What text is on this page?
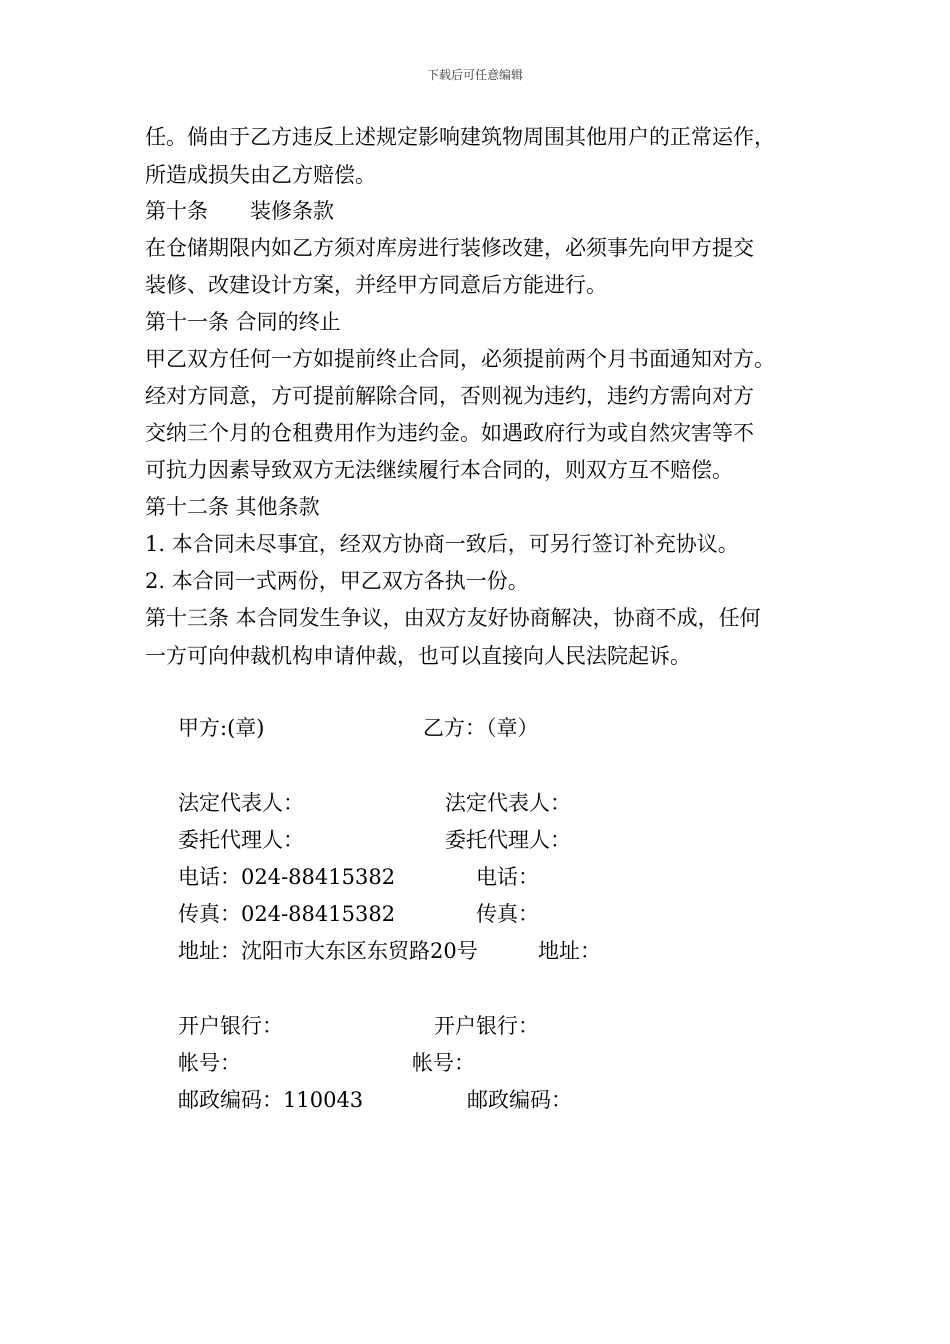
下载后可任意编辑
任。倘由于乙方违反上述规定影响建筑物周围其他用户的正常运作，
所造成损失由乙方赔偿。
第十条　　装修条款
在仓储期限内如乙方须对库房进行装修改建，必须事先向甲方提交
装修、改建设计方案，并经甲方同意后方能进行。
第十一条 合同的终止
甲乙双方任何一方如提前终止合同，必须提前两个月书面通知对方。
经对方同意，方可提前解除合同，否则视为违约，违约方需向对方
交纳三个月的仓租费用作为违约金。如遇政府行为或自然灾害等不
可抗力因素导致双方无法继续履行本合同的，则双方互不赔偿。
第十二条 其他条款
1. 本合同未尽事宜，经双方协商一致后，可另行签订补充协议。
2. 本合同一式两份，甲乙双方各执一份。
第十三条 本合同发生争议，由双方友好协商解决，协商不成，任何
一方可向仲裁机构申请仲裁，也可以直接向人民法院起诉。
甲方:(章)	乙方：（章）
法定代表人：	法定代表人：
委托代理人：	委托代理人：
电话：024-88415382	电话：
传真：024-88415382	传真：
地址：沈阳市大东区东贸路20号	地址：
开户银行：	开户银行：
帐号：	帐号：
邮政编码：110043	邮政编码：
